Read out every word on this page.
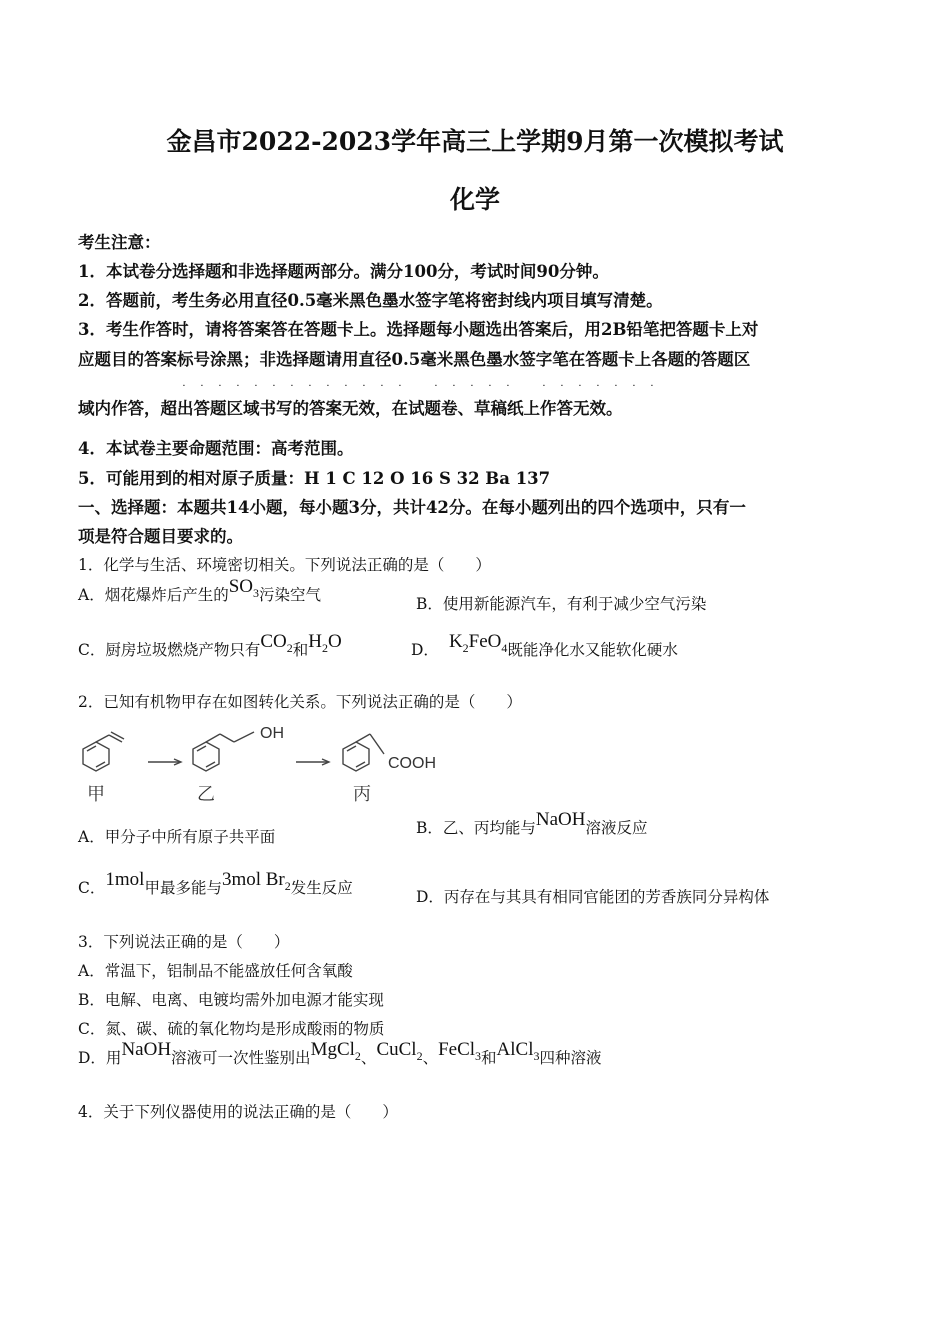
金昌市2022-2023学年高三上学期9月第一次模拟考试
化学
考生注意：
1．本试卷分选择题和非选择题两部分。满分100分，考试时间90分钟。
2．答题前，考生务必用直径0.5毫米黑色墨水签字笔将密封线内项目填写清楚。
3．考生作答时，请将答案答在答题卡上。选择题每小题选出答案后，用2B铅笔把答题卡上对
应题目的答案标号涂黑；非选择题请用直径0.5毫米黑色墨水签字笔在答题卡上各题的答题区
· · · · · · · · · · · · ·	· · · · ·	· · · · · · ·
域内作答，超出答题区域书写的答案无效，在试题卷、草稿纸上作答无效。
4．本试卷主要命题范围：高考范围。
5．可能用到的相对原子质量：H 1 C 12 O 16 S 32 Ba 137
一、选择题：本题共14小题，每小题3分，共计42分。在每小题列出的四个选项中，只有一
项是符合题目要求的。
1．化学与生活、环境密切相关。下列说法正确的是（　　）
A．烟花爆炸后产生的$SO_3$污染空气	B．使用新能源汽车，有利于减少空气污染
C．厨房垃圾燃烧产物只有$CO_2$和$H_2O$	D． $K_2FeO_4$既能净化水又能软化硬水
2．已知有机物甲存在如图转化关系。下列说法正确的是（　　）
OH
COOH
甲	乙	丙
A．甲分子中所有原子共平面	B．乙、丙均能与NaOH溶液反应
C．1mol甲最多能与3mol $Br_2$发生反应	D．丙存在与其具有相同官能团的芳香族同分异构体
3．下列说法正确的是（　　）
A．常温下，铝制品不能盛放任何含氧酸
B．电解、电离、电镀均需外加电源才能实现
C．氮、碳、硫的氧化物均是形成酸雨的物质
D．用NaOH溶液可一次性鉴别出MgCl$_2$、CuCl$_2$、FeCl$_3$和AlCl$_3$四种溶液
4．关于下列仪器使用的说法正确的是（　　）
